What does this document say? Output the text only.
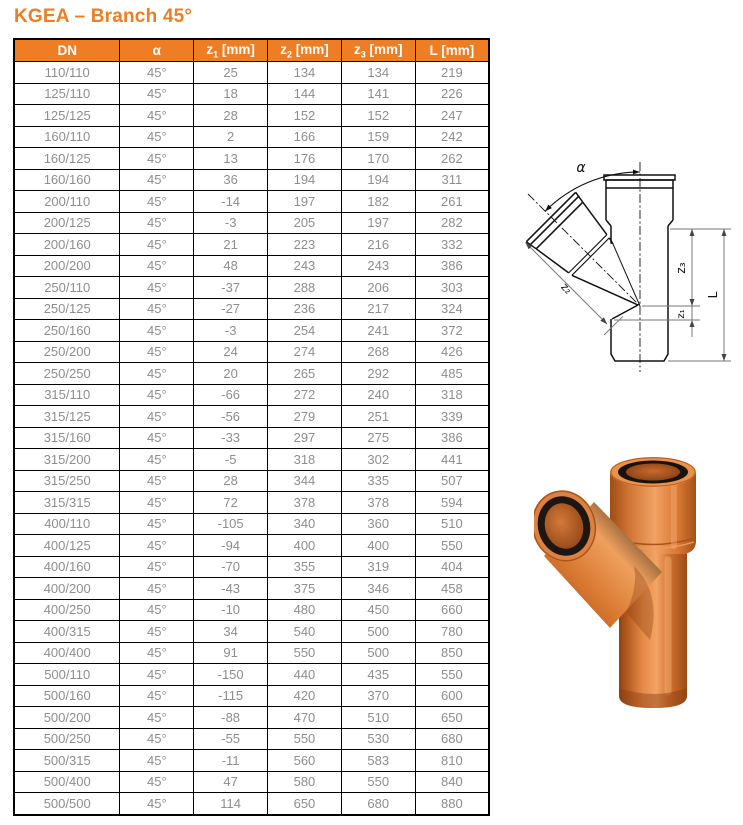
KGEA – Branch 45°
DN	α	$z_1$ [mm]	$z_2$ [mm]	$z_3$ [mm]	L [mm]
110/110	45°	25	134	134	219
125/110	45°	18	144	141	226
125/125	45°	28	152	152	247
160/110	45°	2	166	159	242
160/125	45°	13	176	170	262
160/160	45°	36	194	194	311
200/110	45°	-14	197	182	261
200/125	45°	-3	205	197	282
200/160	45°	21	223	216	332
200/200	45°	48	243	243	386
250/110	45°	-37	288	206	303
250/125	45°	-27	236	217	324
250/160	45°	-3	254	241	372
250/200	45°	24	274	268	426
250/250	45°	20	265	292	485
315/110	45°	-66	272	240	318
315/125	45°	-56	279	251	339
315/160	45°	-33	297	275	386
315/200	45°	-5	318	302	441
315/250	45°	28	344	335	507
315/315	45°	72	378	378	594
400/110	45°	-105	340	360	510
400/125	45°	-94	400	400	550
400/160	45°	-70	355	319	404
400/200	45°	-43	375	346	458
400/250	45°	-10	480	450	660
400/315	45°	34	540	500	780
400/400	45°	91	550	500	850
500/110	45°	-150	440	435	550
500/160	45°	-115	420	370	600
500/200	45°	-88	470	510	650
500/250	45°	-55	550	530	680
500/315	45°	-11	560	583	810
500/400	45°	47	580	550	840
500/500	45°	114	650	680	880
α
z₃
z₁
L
z₂
